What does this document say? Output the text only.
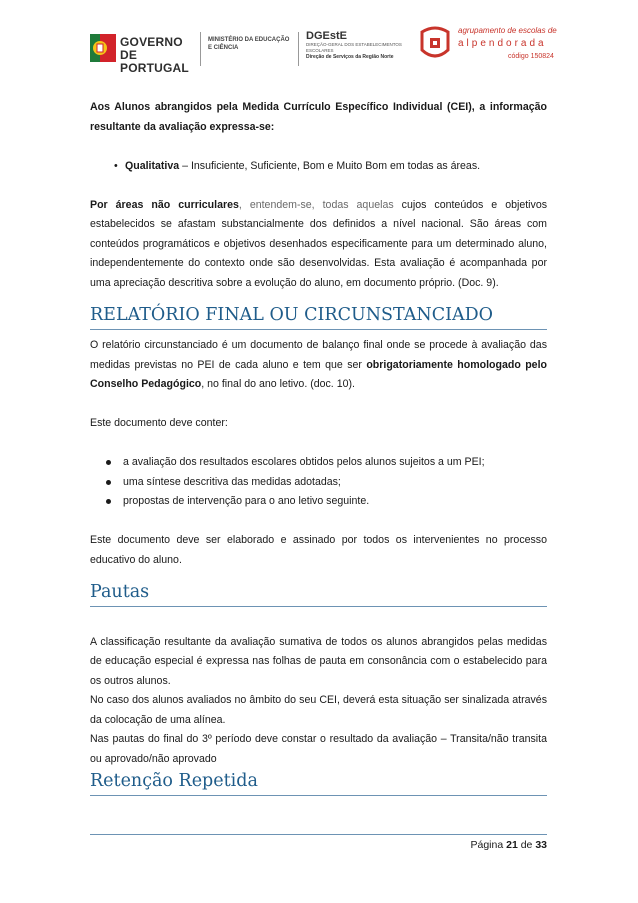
GOVERNO DE
PORTUGAL
MINISTÉRIO DA EDUCAÇÃO
E CIÊNCIA
DGEstE
DIREÇÃO-GERAL DOS ESTABELECIMENTOS ESCOLARES
Direção de Serviços da Região Norte
agrupamento de escolas de
alpendorada
código 150824

Aos Alunos abrangidos pela Medida Currículo Específico Individual (CEI), a informação resultante da avaliação expressa-se:

• Qualitativa – Insuficiente, Suficiente, Bom e Muito Bom em todas as áreas.

Por áreas não curriculares, entendem-se, todas aquelas cujos conteúdos e objetivos estabelecidos se afastam substancialmente dos definidos a nível nacional. São áreas com conteúdos programáticos e objetivos desenhados especificamente para um determinado aluno, independentemente do contexto onde são desenvolvidas. Esta avaliação é acompanhada por uma apreciação descritiva sobre a evolução do aluno, em documento próprio. (Doc. 9).

RELATÓRIO FINAL OU CIRCUNSTANCIADO

O relatório circunstanciado é um documento de balanço final onde se procede à avaliação das medidas previstas no PEI de cada aluno e tem que ser obrigatoriamente homologado pelo Conselho Pedagógico, no final do ano letivo. (doc. 10).

Este documento deve conter:

a avaliação dos resultados escolares obtidos pelos alunos sujeitos a um PEI;
uma síntese descritiva das medidas adotadas;
propostas de intervenção para o ano letivo seguinte.

Este documento deve ser elaborado e assinado por todos os intervenientes no processo educativo do aluno.

Pautas

A classificação resultante da avaliação sumativa de todos os alunos abrangidos pelas medidas de educação especial é expressa nas folhas de pauta em consonância com o estabelecido para os outros alunos.

No caso dos alunos avaliados no âmbito do seu CEI, deverá esta situação ser sinalizada através da colocação de uma alínea.

Nas pautas do final do 3º período deve constar o resultado da avaliação – Transita/não transita ou aprovado/não aprovado

Retenção Repetida
Página 21 de 33
